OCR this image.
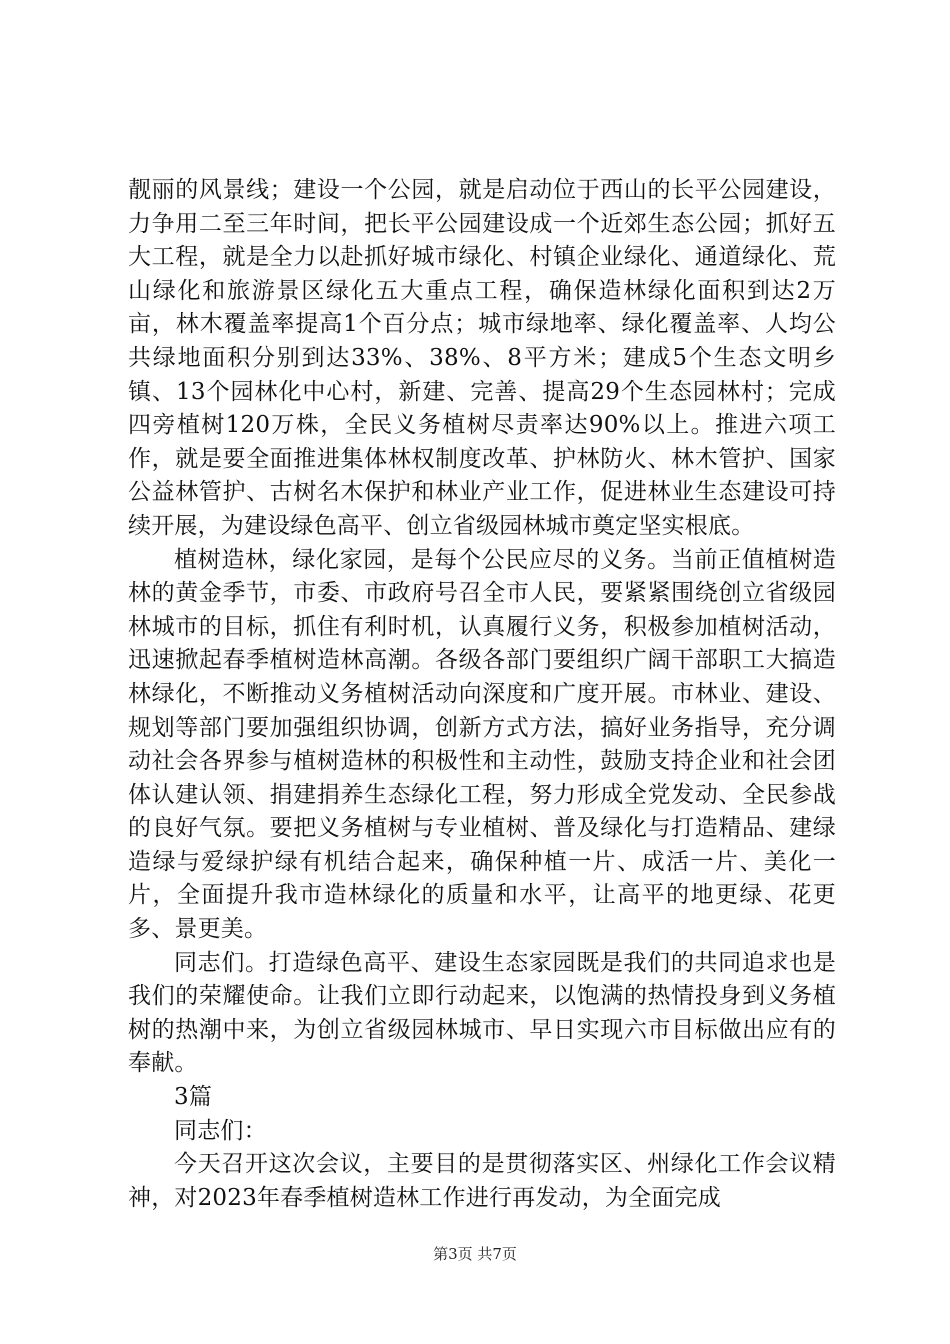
靓丽的风景线；建设一个公园，就是启动位于西山的长平公园建设，力争用二至三年时间，把长平公园建设成一个近郊生态公园；抓好五大工程，就是全力以赴抓好城市绿化、村镇企业绿化、通道绿化、荒山绿化和旅游景区绿化五大重点工程，确保造林绿化面积到达2万亩，林木覆盖率提高1个百分点；城市绿地率、绿化覆盖率、人均公共绿地面积分别到达33%、38%、8平方米；建成5个生态文明乡镇、13个园林化中心村，新建、完善、提高29个生态园林村；完成四旁植树120万株，全民义务植树尽责率达90%以上。推进六项工作，就是要全面推进集体林权制度改革、护林防火、林木管护、国家公益林管护、古树名木保护和林业产业工作，促进林业生态建设可持续开展，为建设绿色高平、创立省级园林城市奠定坚实根底。

植树造林，绿化家园，是每个公民应尽的义务。当前正值植树造林的黄金季节，市委、市政府号召全市人民，要紧紧围绕创立省级园林城市的目标，抓住有利时机，认真履行义务，积极参加植树活动，迅速掀起春季植树造林高潮。各级各部门要组织广阔干部职工大搞造林绿化，不断推动义务植树活动向深度和广度开展。市林业、建设、规划等部门要加强组织协调，创新方式方法，搞好业务指导，充分调动社会各界参与植树造林的积极性和主动性，鼓励支持企业和社会团体认建认领、捐建捐养生态绿化工程，努力形成全党发动、全民参战的良好气氛。要把义务植树与专业植树、普及绿化与打造精品、建绿造绿与爱绿护绿有机结合起来，确保种植一片、成活一片、美化一片，全面提升我市造林绿化的质量和水平，让高平的地更绿、花更多、景更美。

同志们。打造绿色高平、建设生态家园既是我们的共同追求也是我们的荣耀使命。让我们立即行动起来，以饱满的热情投身到义务植树的热潮中来，为创立省级园林城市、早日实现六市目标做出应有的奉献。

3篇

同志们：

今天召开这次会议，主要目的是贯彻落实区、州绿化工作会议精神，对2023年春季植树造林工作进行再发动，为全面完成

第3页 共7页
